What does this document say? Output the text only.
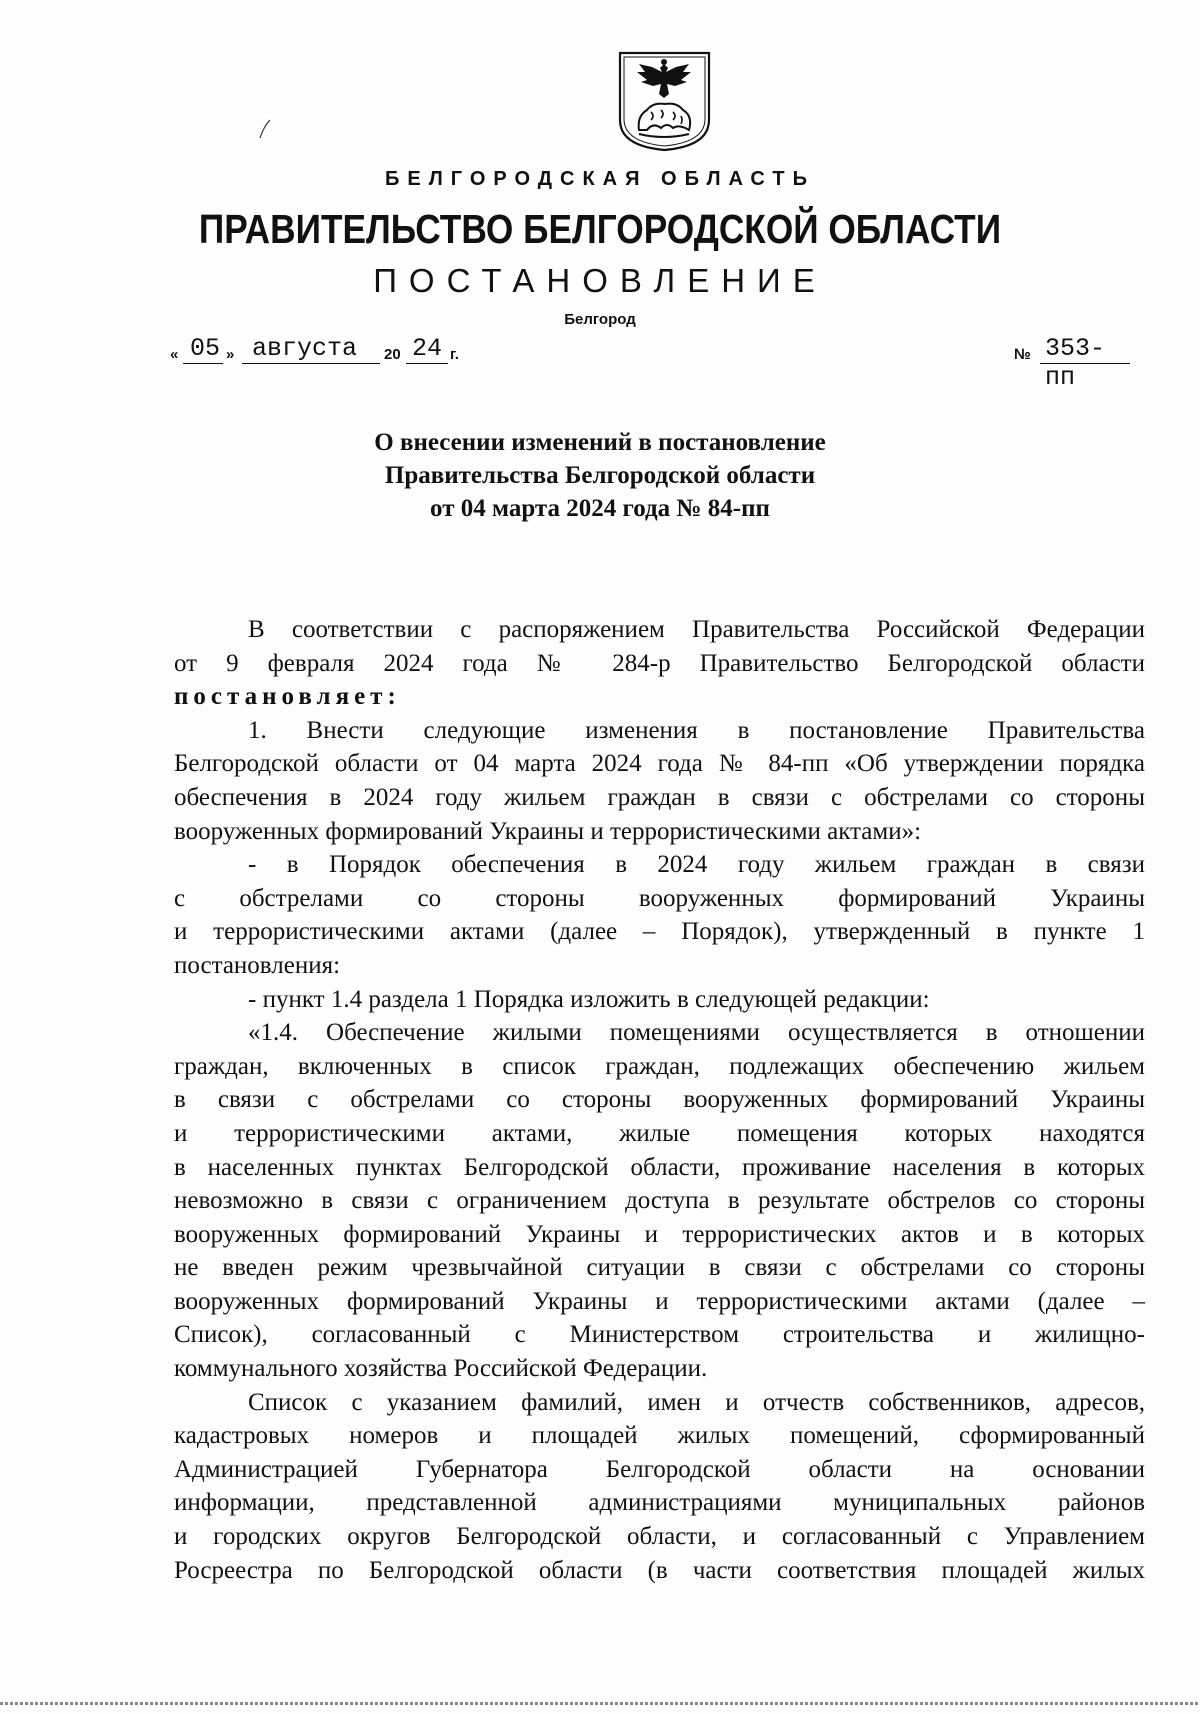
БЕЛГОРОДСКАЯ ОБЛАСТЬ
ПРАВИТЕЛЬСТВО БЕЛГОРОДСКОЙ ОБЛАСТИ
ПОСТАНОВЛЕНИЕ
Белгород
« 05 » августа 20 24 г.	№ 353-пп
О внесении изменений в постановление
Правительства Белгородской области
от 04 марта 2024 года № 84-пп

В соответствии с распоряжением Правительства Российской Федерации

от 9 февраля 2024 года № 284-р Правительство Белгородской области

постановляет:

1. Внести следующие изменения в постановление Правительства

Белгородской области от 04 марта 2024 года № 84-пп «Об утверждении порядка

обеспечения в 2024 году жильем граждан в связи с обстрелами со стороны

вооруженных формирований Украины и террористическими актами»:

- в Порядок обеспечения в 2024 году жильем граждан в связи

с обстрелами со стороны вооруженных формирований Украины

и террористическими актами (далее – Порядок), утвержденный в пункте 1

постановления:

- пункт 1.4 раздела 1 Порядка изложить в следующей редакции:

«1.4. Обеспечение жилыми помещениями осуществляется в отношении

граждан, включенных в список граждан, подлежащих обеспечению жильем

в связи с обстрелами со стороны вооруженных формирований Украины

и террористическими актами, жилые помещения которых находятся

в населенных пунктах Белгородской области, проживание населения в которых

невозможно в связи с ограничением доступа в результате обстрелов со стороны

вооруженных формирований Украины и террористических актов и в которых

не введен режим чрезвычайной ситуации в связи с обстрелами со стороны

вооруженных формирований Украины и террористическими актами (далее –

Список), согласованный с Министерством строительства и жилищно-

коммунального хозяйства Российской Федерации.

Список с указанием фамилий, имен и отчеств собственников, адресов,

кадастровых номеров и площадей жилых помещений, сформированный

Администрацией Губернатора Белгородской области на основании

информации, представленной администрациями муниципальных районов

и городских округов Белгородской области, и согласованный с Управлением

Росреестра по Белгородской области (в части соответствия площадей жилых
